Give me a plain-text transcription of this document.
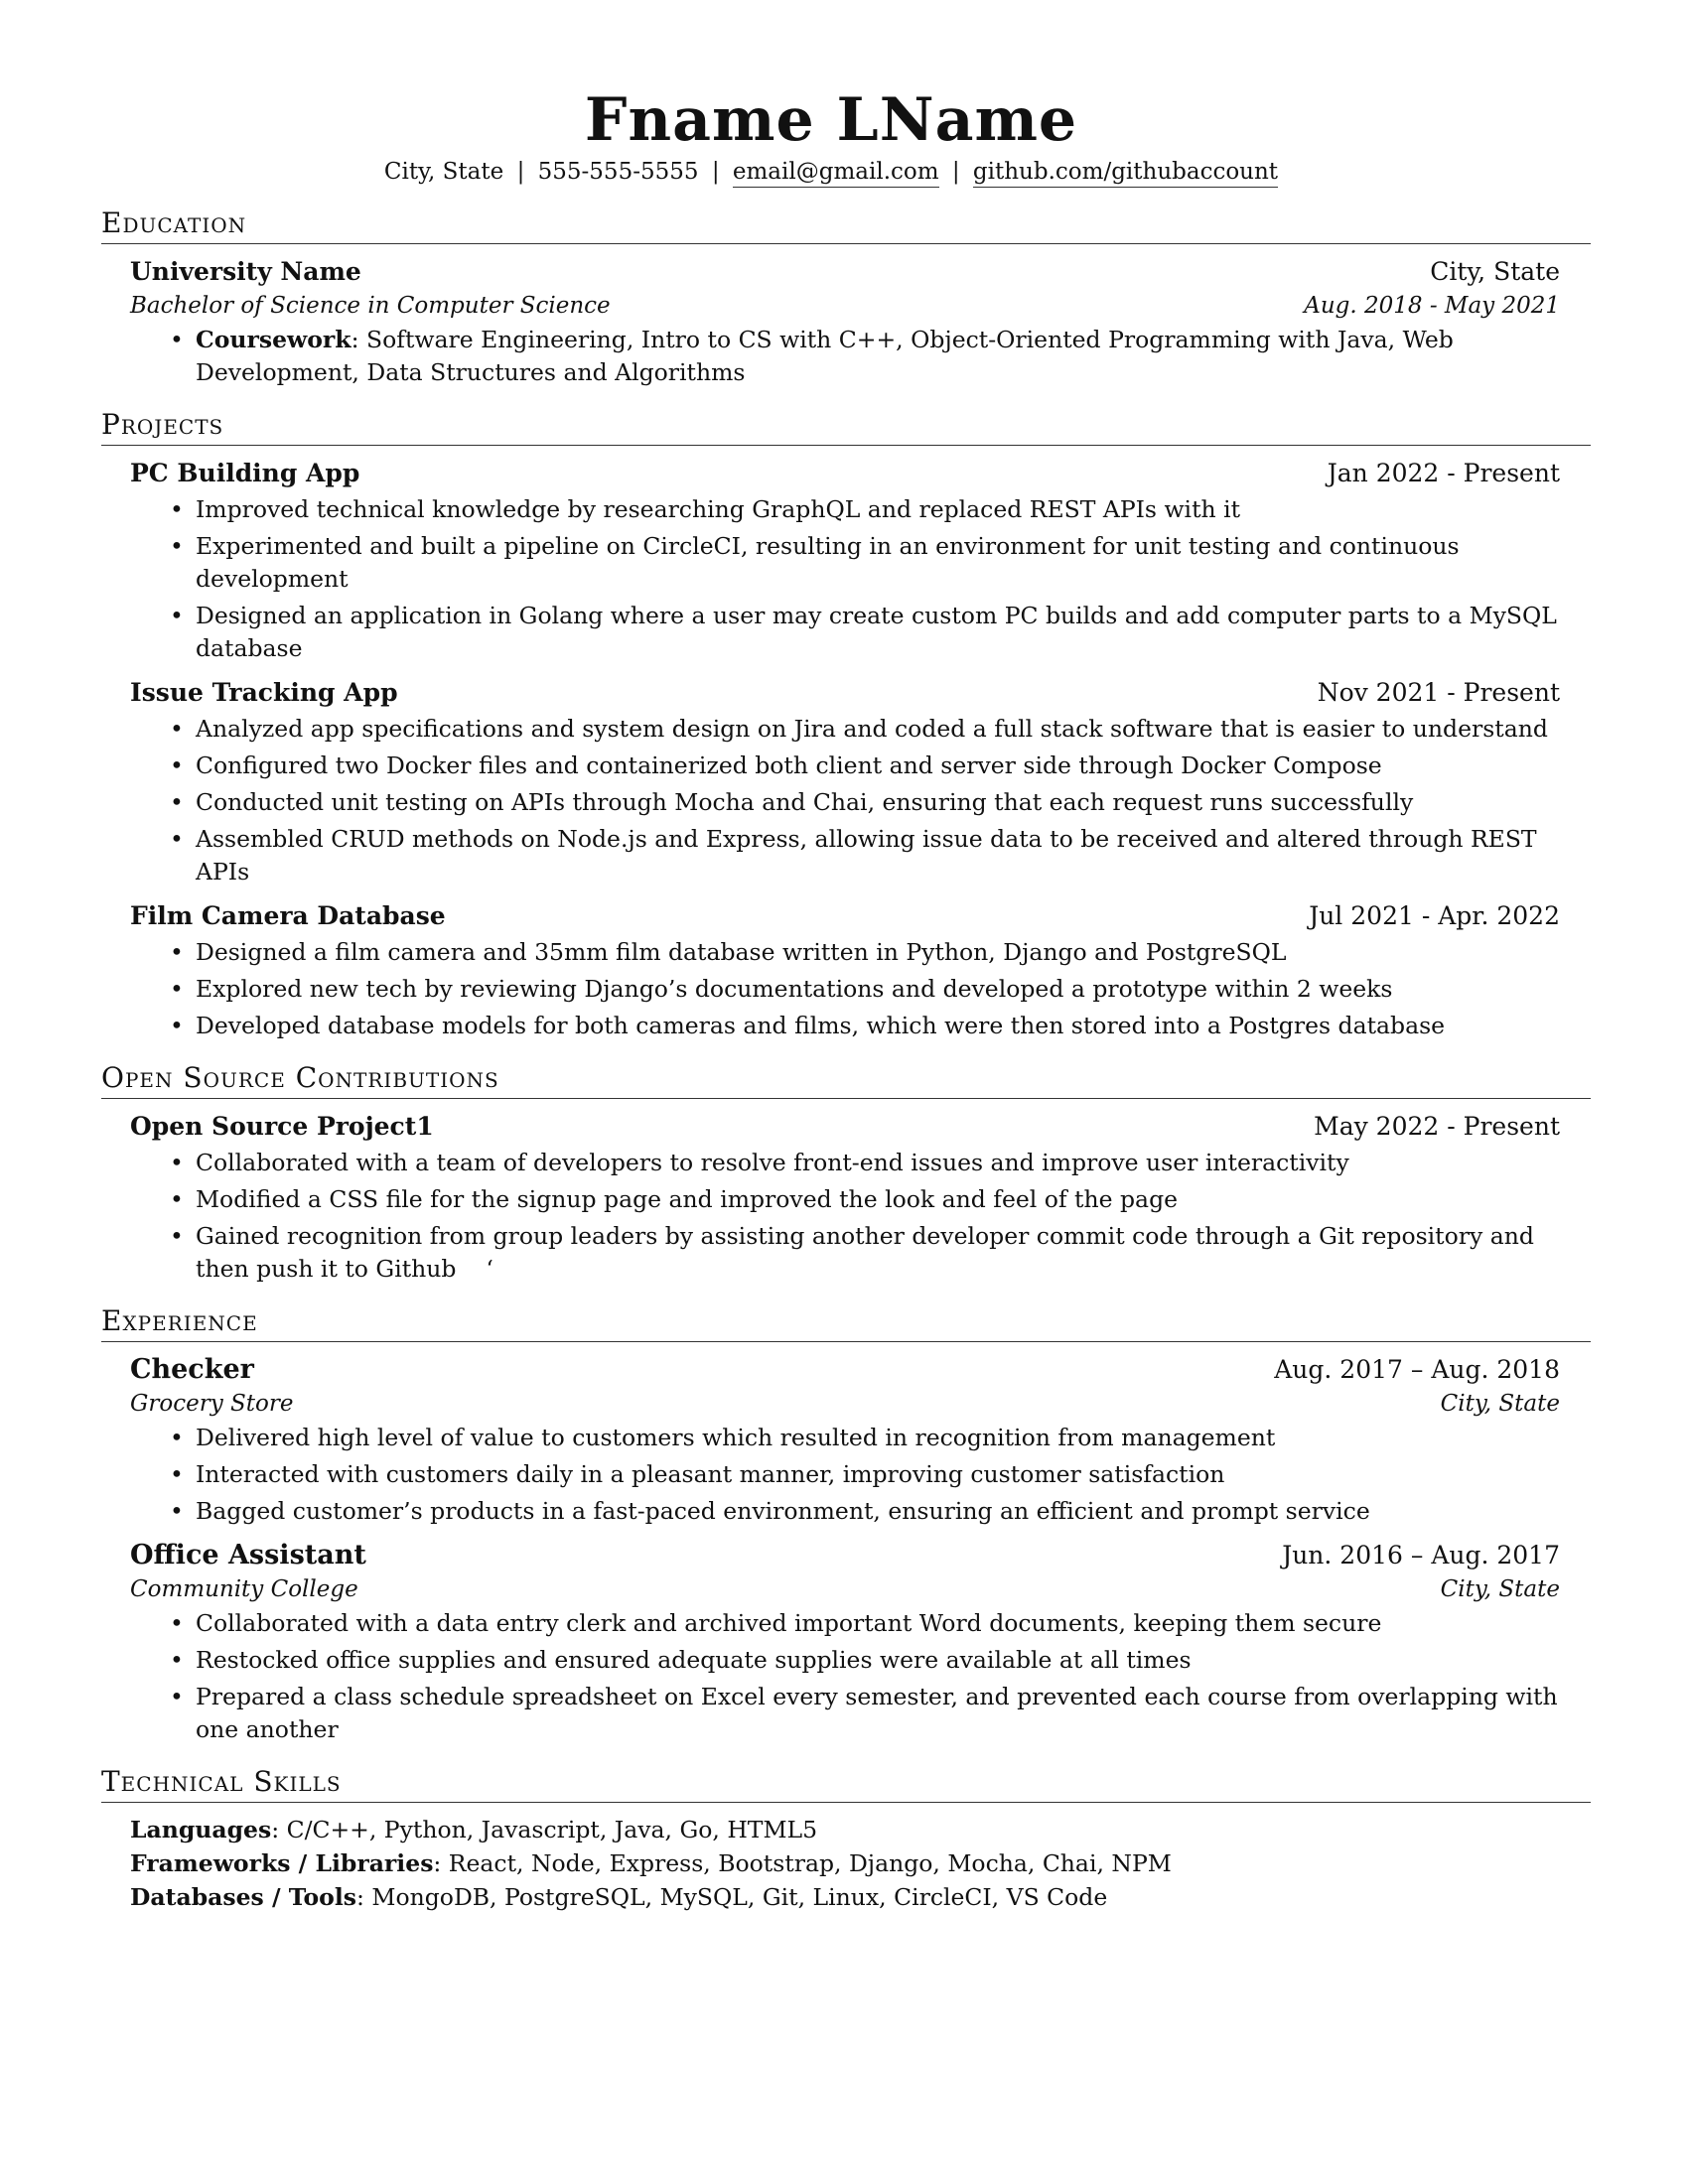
Fname LName
City, State | 555-555-5555 | email@gmail.com | github.com/githubaccount
Education
University Name	City, State
Bachelor of Science in Computer Science	Aug. 2018 - May 2021
• Coursework: Software Engineering, Intro to CS with C++, Object-Oriented Programming with Java, Web Development, Data Structures and Algorithms
Projects
PC Building App	Jan 2022 - Present
• Improved technical knowledge by researching GraphQL and replaced REST APIs with it
• Experimented and built a pipeline on CircleCI, resulting in an environment for unit testing and continuous development
• Designed an application in Golang where a user may create custom PC builds and add computer parts to a MySQL database
Issue Tracking App	Nov 2021 - Present
• Analyzed app specifications and system design on Jira and coded a full stack software that is easier to understand
• Configured two Docker files and containerized both client and server side through Docker Compose
• Conducted unit testing on APIs through Mocha and Chai, ensuring that each request runs successfully
• Assembled CRUD methods on Node.js and Express, allowing issue data to be received and altered through REST APIs
Film Camera Database	Jul 2021 - Apr. 2022
• Designed a film camera and 35mm film database written in Python, Django and PostgreSQL
• Explored new tech by reviewing Django’s documentations and developed a prototype within 2 weeks
• Developed database models for both cameras and films, which were then stored into a Postgres database
Open Source Contributions
Open Source Project1	May 2022 - Present
• Collaborated with a team of developers to resolve front-end issues and improve user interactivity
• Modified a CSS file for the signup page and improved the look and feel of the page
• Gained recognition from group leaders by assisting another developer commit code through a Git repository and then push it to Github    ‘
Experience
Checker	Aug. 2017 – Aug. 2018
Grocery Store	City, State
• Delivered high level of value to customers which resulted in recognition from management
• Interacted with customers daily in a pleasant manner, improving customer satisfaction
• Bagged customer’s products in a fast-paced environment, ensuring an efficient and prompt service
Office Assistant	Jun. 2016 – Aug. 2017
Community College	City, State
• Collaborated with a data entry clerk and archived important Word documents, keeping them secure
• Restocked office supplies and ensured adequate supplies were available at all times
• Prepared a class schedule spreadsheet on Excel every semester, and prevented each course from overlapping with one another
Technical Skills
Languages: C/C++, Python, Javascript, Java, Go, HTML5
Frameworks / Libraries: React, Node, Express, Bootstrap, Django, Mocha, Chai, NPM
Databases / Tools: MongoDB, PostgreSQL, MySQL, Git, Linux, CircleCI, VS Code
